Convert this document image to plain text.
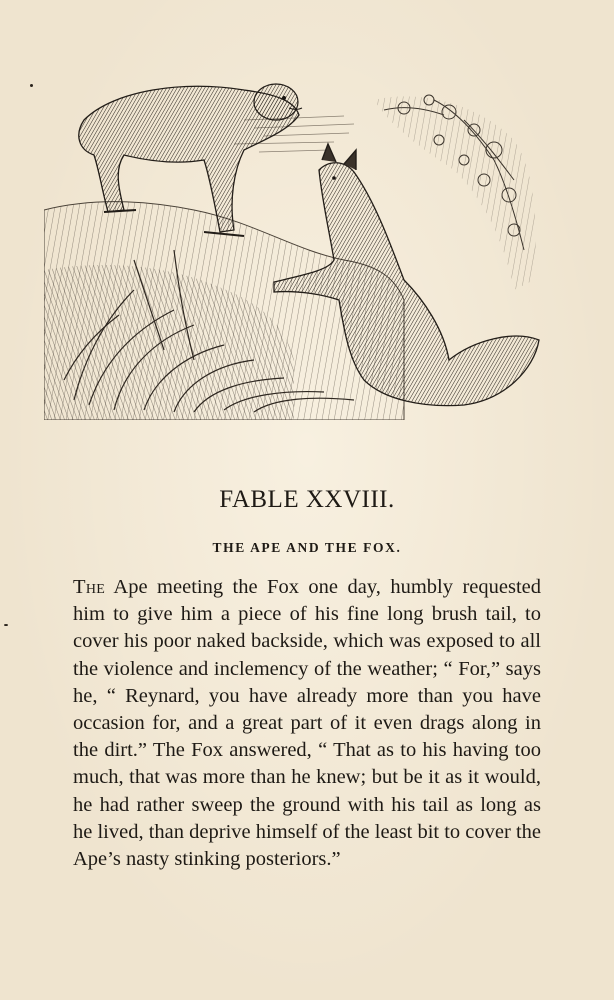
FABLE XXVIII.
THE APE AND THE FOX.

The Ape meeting the Fox one day, humbly requested him to give him a piece of his fine long brush tail, to cover his poor naked backside, which was exposed to all the violence and inclemency of the weather; “ For,” says he, “ Reynard, you have already more than you have occasion for, and a great part of it even drags along in the dirt.” The Fox answered, “ That as to his having too much, that was more than he knew; but be it as it would, he had rather sweep the ground with his tail as long as he lived, than deprive himself of the least bit to cover the Ape’s nasty stinking posteriors.”
